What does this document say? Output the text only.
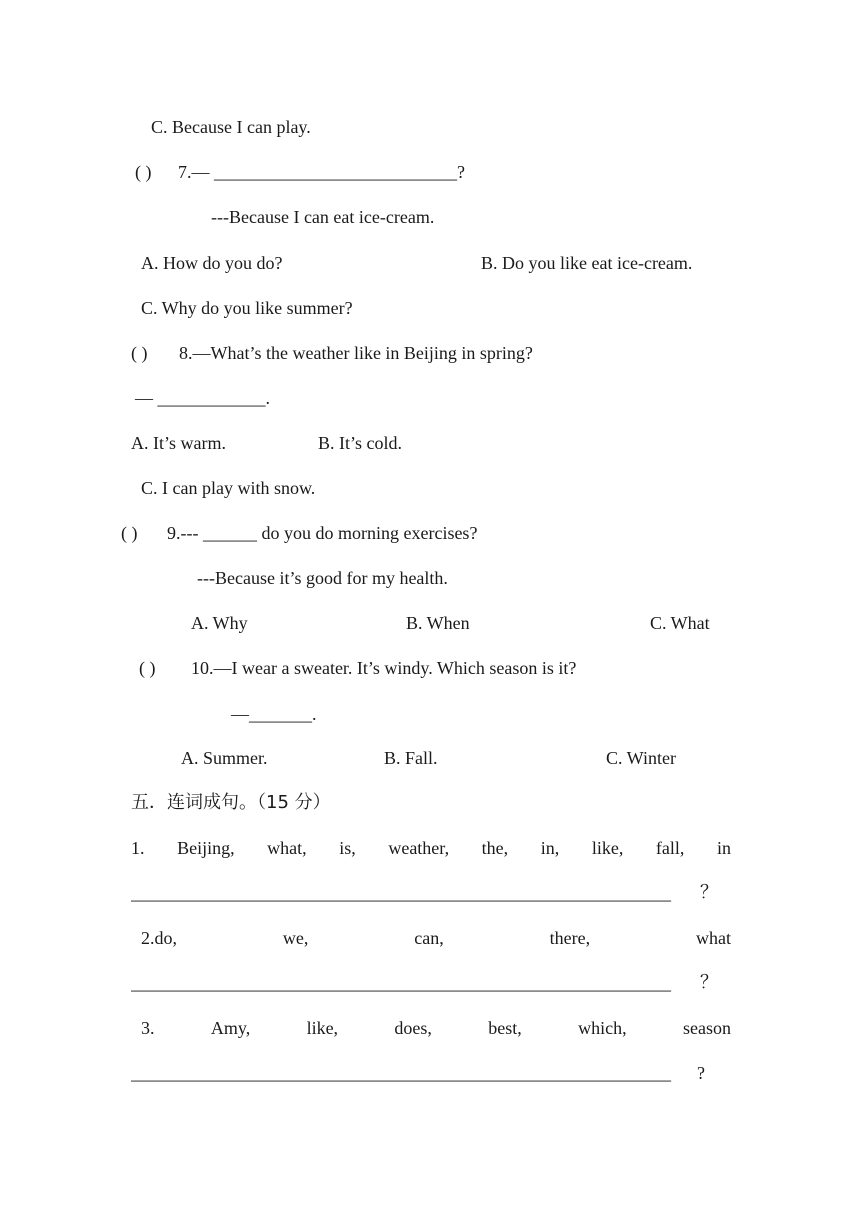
C. Because I can play.
( ) 7.— ___________________________?
---Because I can eat ice-cream.
A. How do you do?	B. Do you like eat ice-cream.
C. Why do you like summer?
( ) 8.—What’s the weather like in Beijing in spring?
— ____________.
A. It’s warm.	B. It’s cold.
C. I can play with snow.
( ) 9.--- ______ do you do morning exercises?
---Because it’s good for my health.
A. Why	B. When	C. What
( ) 10.—I wear a sweater. It’s windy. Which season is it?
—_______.
A. Summer.	B. Fall.	C. Winter
五．连词成句。（15 分）
1. Beijing, what, is, weather, the, in, like, fall, in
____________________________________________________________	？
2.do,	we,	can,	there,	what
____________________________________________________________	？
3.	Amy,	like,	does,	best,	which,	season
____________________________________________________________	?
